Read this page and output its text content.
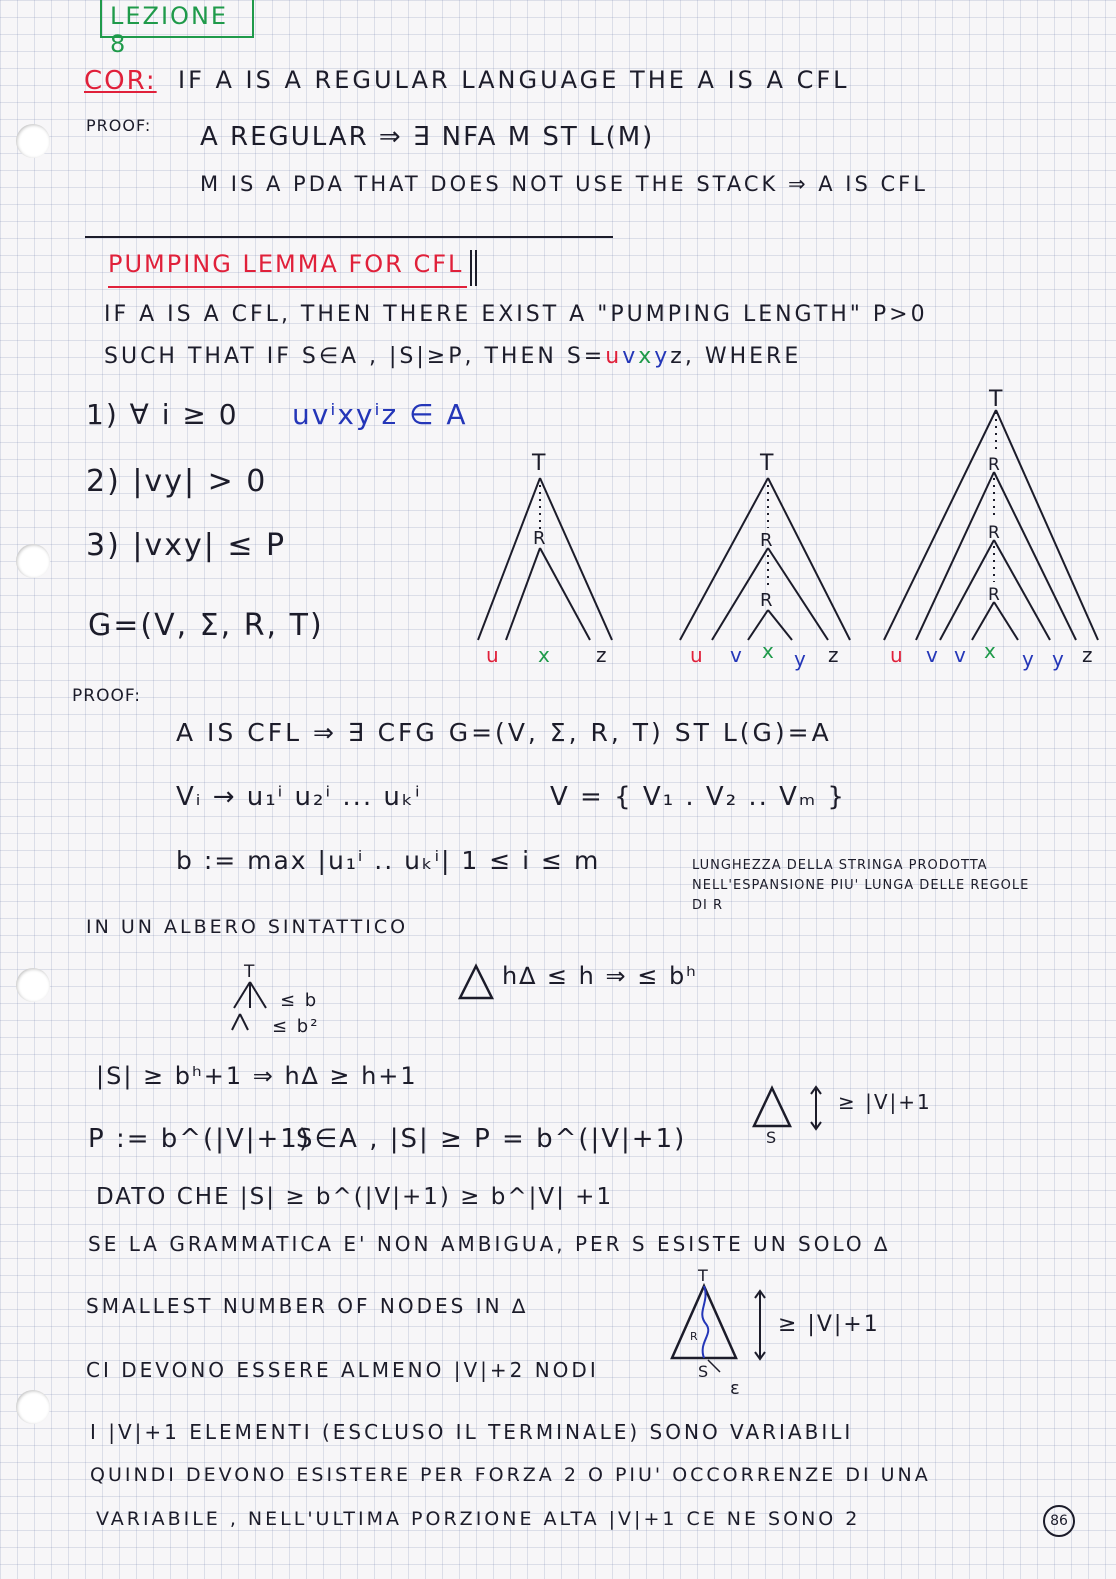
LEZIONE 8
COR: IF A IS A REGULAR LANGUAGE THE A IS A CFL
PROOF: A REGULAR ⇒ ∃ NFA M ST L(M)
M IS A PDA THAT DOES NOT USE THE STACK ⇒ A IS CFL
PUMPING LEMMA FOR CFL
IF A IS A CFL, THEN THERE EXIST A "PUMPING LENGTH" P>0
SUCH THAT IF S∈A , |S|≥P, THEN S=uvxyz, WHERE
1) ∀ i ≥ 0 uvⁱxyⁱz ∈ A
2) |vy| > 0
3) |vxy| ≤ P
G=(V, Σ, R, T)
T
R
u x z
T
R
R
u v x y z
T
R
R
R
u v v x y y z
PROOF:
A IS CFL ⇒ ∃ CFG G=(V, Σ, R, T) ST L(G)=A
Vᵢ → u₁ⁱ u₂ⁱ ... uₖⁱ	V = { V₁ . V₂ .. Vₘ }
b := max |u₁ⁱ .. uₖⁱ| 1 ≤ i ≤ m	LUNGHEZZA DELLA STRINGA PRODOTTA
NELL'ESPANSIONE PIU' LUNGA DELLE REGOLE
DI R
IN UN ALBERO SINTATTICO
T
≤ b
≤ b²
h∆ ≤ h ⇒ ≤ bʰ
|S| ≥ bʰ+1 ⇒ h∆ ≥ h+1
P := b^(|V|+1)
S∈A , |S| ≥ P = b^(|V|+1)	S
≥ |V|+1
DATO CHE |S| ≥ b^(|V|+1) ≥ b^|V| +1
SE LA GRAMMATICA E' NON AMBIGUA, PER S ESISTE UN SOLO ∆
SMALLEST NUMBER OF NODES IN ∆
T
R
S
ε
≥ |V|+1
CI DEVONO ESSERE ALMENO |V|+2 NODI
I |V|+1 ELEMENTI (ESCLUSO IL TERMINALE) SONO VARIABILI
QUINDI DEVONO ESISTERE PER FORZA 2 O PIU' OCCORRENZE DI UNA
VARIABILE , NELL'ULTIMA PORZIONE ALTA |V|+1 CE NE SONO 2	86
